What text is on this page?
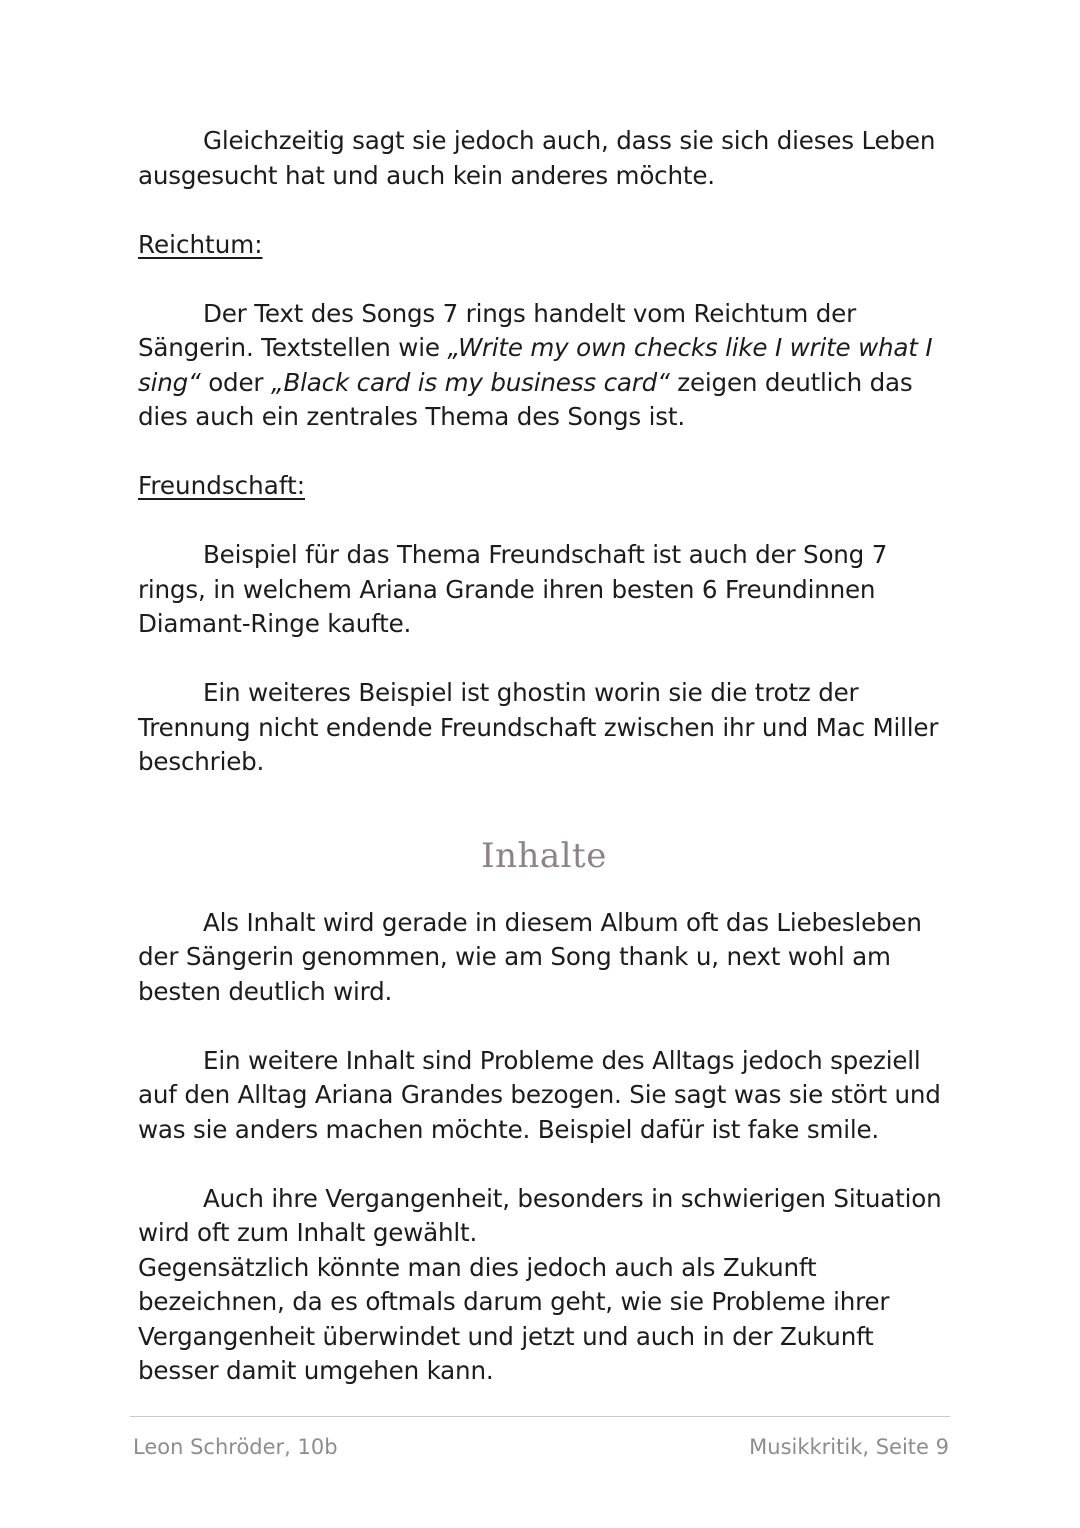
Gleichzeitig sagt sie jedoch auch, dass sie sich dieses Leben ausgesucht hat und auch kein anderes möchte.

Reichtum:

Der Text des Songs 7 rings handelt vom Reichtum der Sängerin. Textstellen wie „Write my own checks like I write what I sing“ oder „Black card is my business card“ zeigen deutlich das dies auch ein zentrales Thema des Songs ist.

Freundschaft:

Beispiel für das Thema Freundschaft ist auch der Song 7 rings, in welchem Ariana Grande ihren besten 6 Freundinnen Diamant-Ringe kaufte.

Ein weiteres Beispiel ist ghostin worin sie die trotz der Trennung nicht endende Freundschaft zwischen ihr und Mac Miller beschrieb.

Inhalte

Als Inhalt wird gerade in diesem Album oft das Liebesleben der Sängerin genommen, wie am Song thank u, next wohl am besten deutlich wird.

Ein weitere Inhalt sind Probleme des Alltags jedoch speziell auf den Alltag Ariana Grandes bezogen. Sie sagt was sie stört und was sie anders machen möchte. Beispiel dafür ist fake smile.

Auch ihre Vergangenheit, besonders in schwierigen Situation wird oft zum Inhalt gewählt.

Gegensätzlich könnte man dies jedoch auch als Zukunft bezeichnen, da es oftmals darum geht, wie sie Probleme ihrer Vergangenheit überwindet und jetzt und auch in der Zukunft besser damit umgehen kann.

Leon Schröder, 10b	Musikkritik, Seite 9
